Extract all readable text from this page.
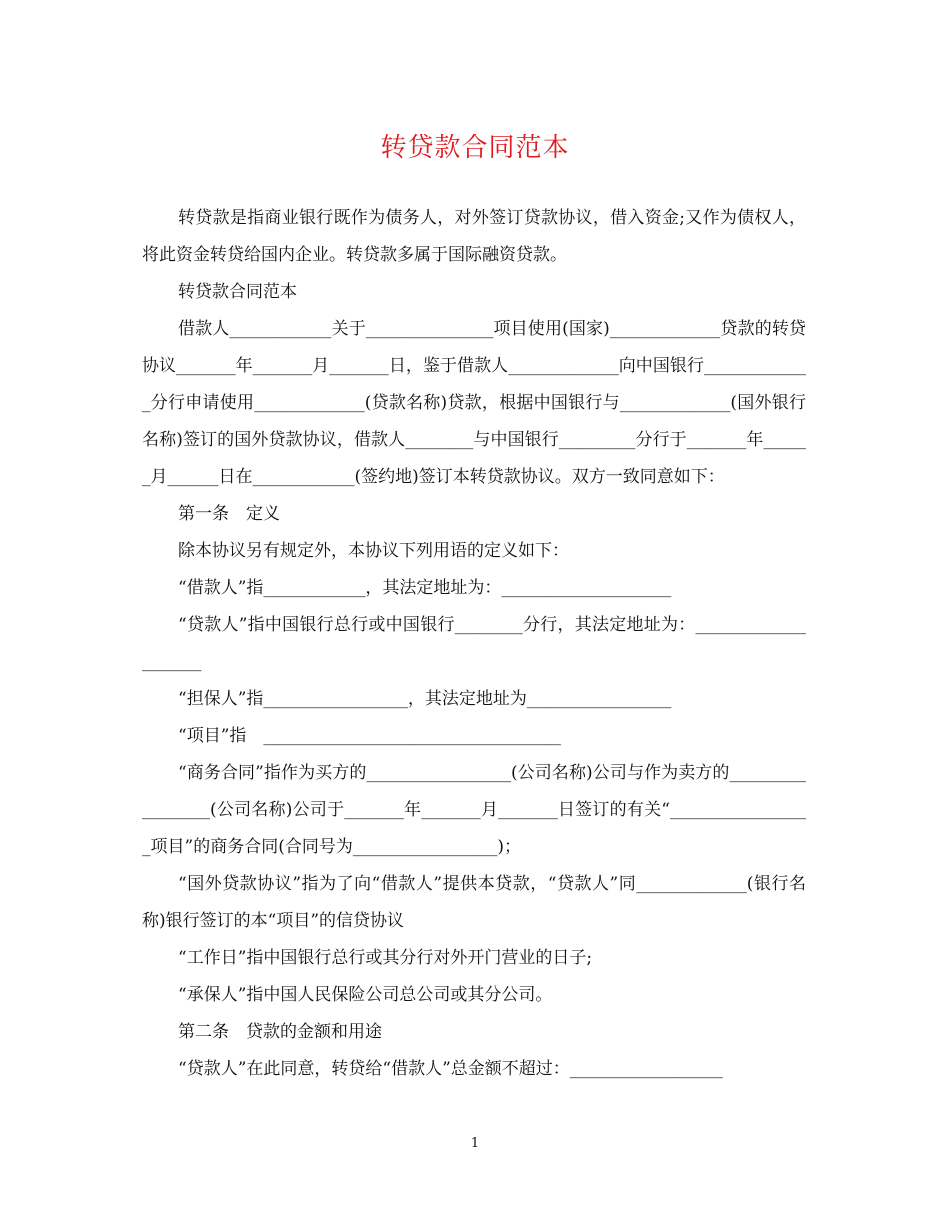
转贷款合同范本

转贷款是指商业银行既作为债务人，对外签订贷款协议，借入资金;又作为债权人，将此资金转贷给国内企业。转贷款多属于国际融资贷款。

转贷款合同范本

借款人____________关于_______________项目使用(国家)_____________贷款的转贷协议_______年_______月_______日，鉴于借款人_____________向中国银行_____________分行申请使用_____________(贷款名称)贷款，根据中国银行与_____________(国外银行名称)签订的国外贷款协议，借款人________与中国银行_________分行于_______年______月______日在____________(签约地)签订本转贷款协议。双方一致同意如下：

第一条　定义

除本协议另有规定外，本协议下列用语的定义如下：

“借款人”指____________，其法定地址为：____________________

“贷款人”指中国银行总行或中国银行________分行，其法定地址为：____________________

“担保人”指_________________，其法定地址为_________________

“项目”指　___________________________________

“商务合同”指作为买方的_________________(公司名称)公司与作为卖方的_________________(公司名称)公司于_______年_______月_______日签订的有关“_________________项目”的商务合同(合同号为_________________)；

“国外贷款协议”指为了向“借款人”提供本贷款，“贷款人”同_____________(银行名称)银行签订的本“项目”的信贷协议

“工作日”指中国银行总行或其分行对外开门营业的日子;

“承保人”指中国人民保险公司总公司或其分公司。

第二条　贷款的金额和用途

“贷款人”在此同意，转贷给“借款人”总金额不超过：__________________

1
